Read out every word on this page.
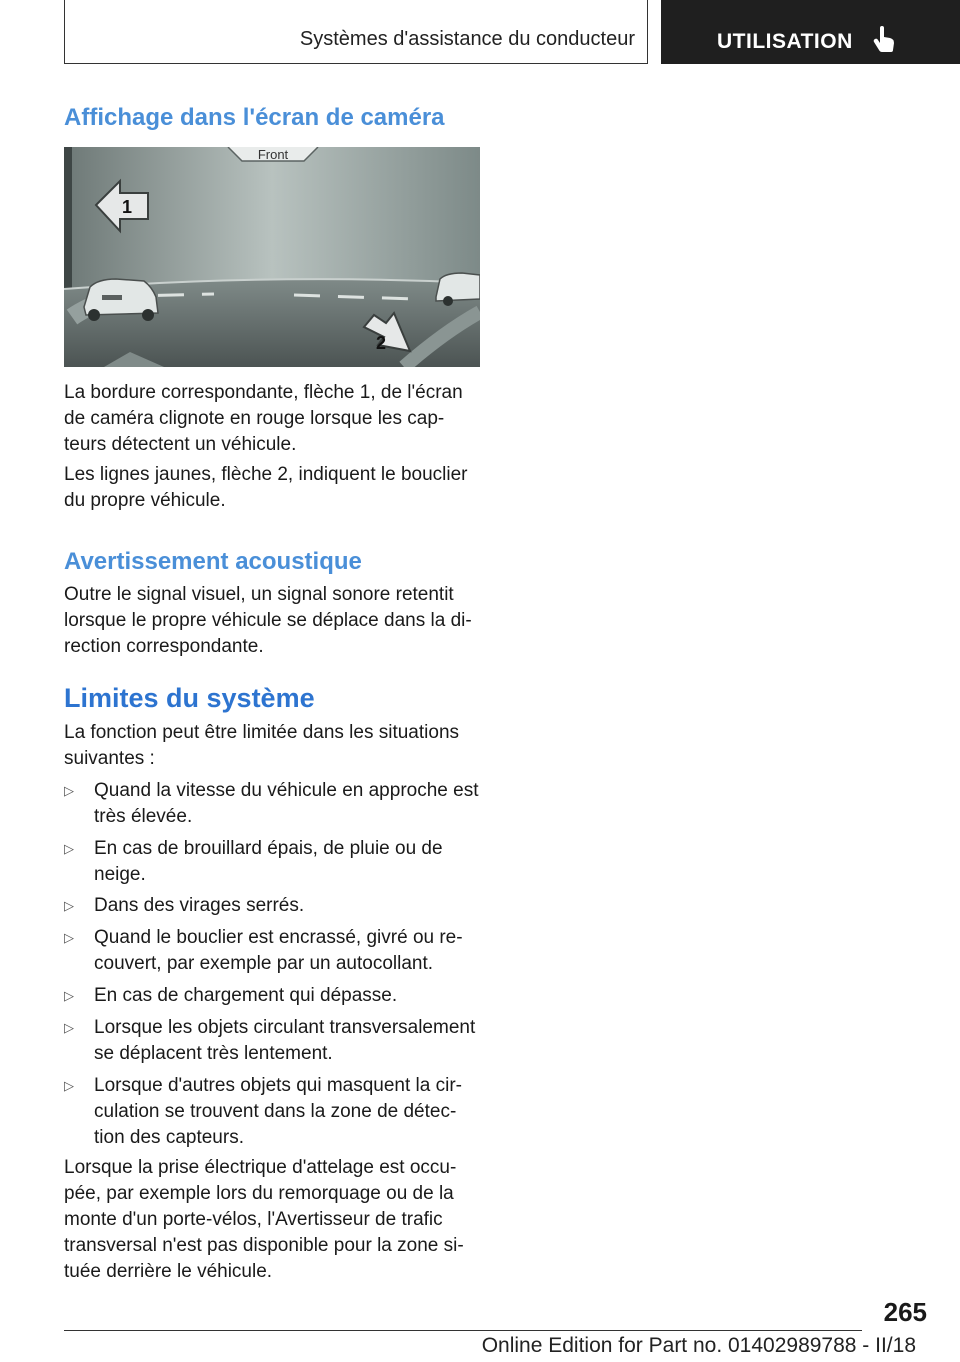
Systèmes d'assistance du conducteur	UTILISATION
Affichage dans l'écran de caméra
Front
1
2

La bordure correspondante, flèche 1, de l'écran
de caméra clignote en rouge lorsque les cap‐
teurs détectent un véhicule.

Les lignes jaunes, flèche 2, indiquent le bouclier
du propre véhicule.

Avertissement acoustique

Outre le signal visuel, un signal sonore retentit
lorsque le propre véhicule se déplace dans la di‐
rection correspondante.

Limites du système

La fonction peut être limitée dans les situations
suivantes :

▷ Quand la vitesse du véhicule en approche est
très élevée.
▷ En cas de brouillard épais, de pluie ou de
neige.
▷ Dans des virages serrés.
▷ Quand le bouclier est encrassé, givré ou re‐
couvert, par exemple par un autocollant.
▷ En cas de chargement qui dépasse.
▷ Lorsque les objets circulant transversalement
se déplacent très lentement.
▷ Lorsque d'autres objets qui masquent la cir‐
culation se trouvent dans la zone de détec‐
tion des capteurs.

Lorsque la prise électrique d'attelage est occu‐
pée, par exemple lors du remorquage ou de la
monte d'un porte-vélos, l'Avertisseur de trafic
transversal n'est pas disponible pour la zone si‐
tuée derrière le véhicule.

265
Online Edition for Part no. 01402989788 - II/18
